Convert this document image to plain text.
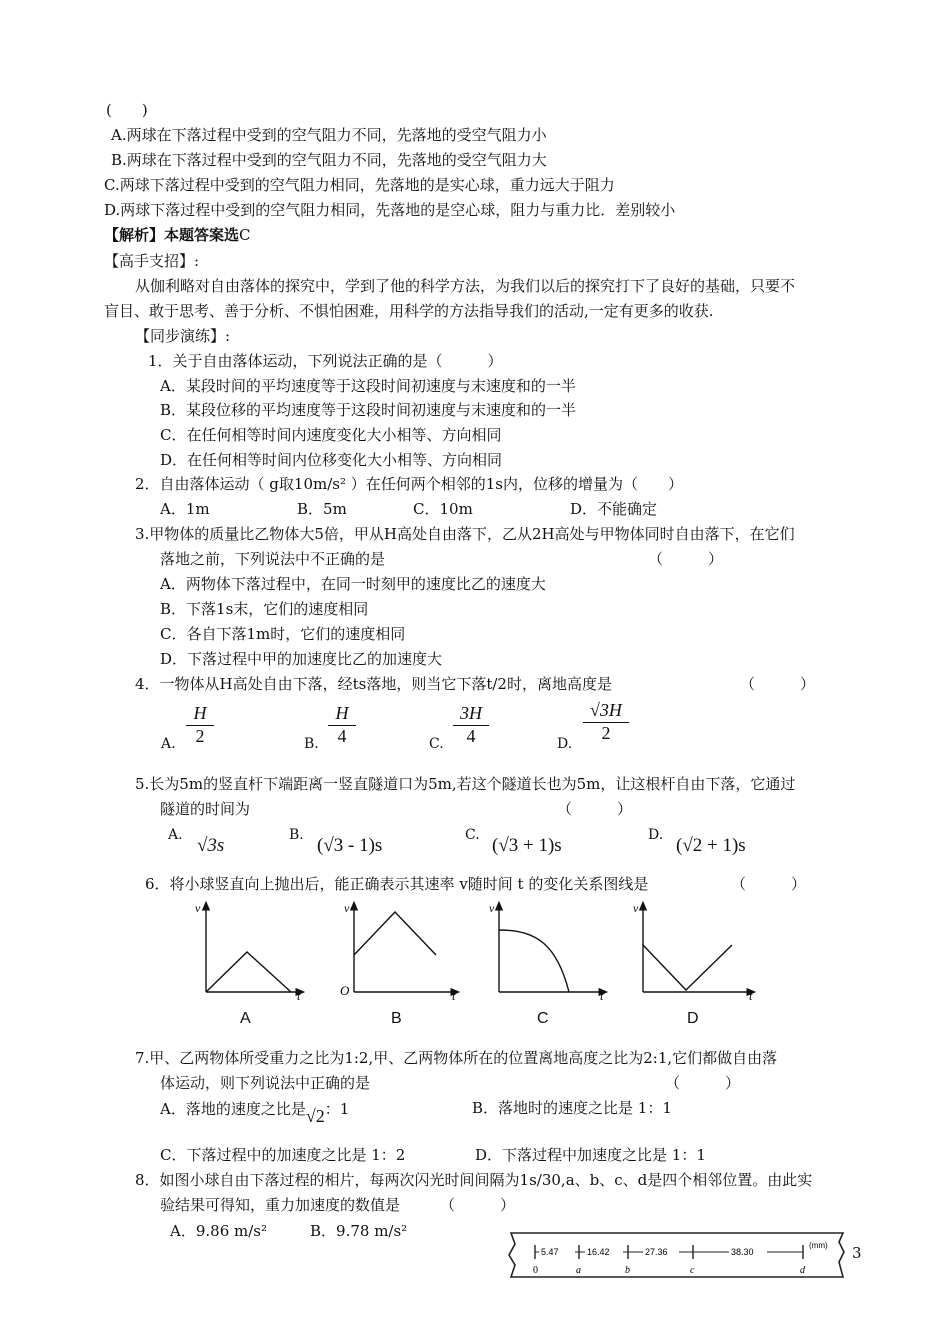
(　　)
A.两球在下落过程中受到的空气阻力不同，先落地的受空气阻力小
B.两球在下落过程中受到的空气阻力不同，先落地的受空气阻力大
C.两球下落过程中受到的空气阻力相同，先落地的是实心球，重力远大于阻力
D.两球下落过程中受到的空气阻力相同，先落地的是空心球，阻力与重力比．差别较小
【解析】本题答案选C
【高手支招】:
从伽利略对自由落体的探究中，学到了他的科学方法，为我们以后的探究打下了良好的基础，只要不
盲目、敢于思考、善于分析、不惧怕困难，用科学的方法指导我们的活动,一定有更多的收获.
【同步演练】:
1．关于自由落体运动，下列说法正确的是（　　　）
A．某段时间的平均速度等于这段时间初速度与末速度和的一半
B．某段位移的平均速度等于这段时间初速度与末速度和的一半
C．在任何相等时间内速度变化大小相等、方向相同
D．在任何相等时间内位移变化大小相等、方向相同
2．自由落体运动（ g取10m/s² ）在任何两个相邻的1s内，位移的增量为（　　）
A．1m	B．5m	C．10m	D．不能确定
3.甲物体的质量比乙物体大5倍，甲从H高处自由落下，乙从2H高处与甲物体同时自由落下，在它们
落地之前，下列说法中不正确的是	（　　　）
A．两物体下落过程中，在同一时刻甲的速度比乙的速度大
B．下落1s末，它们的速度相同
C．各自下落1m时，它们的速度相同
D．下落过程中甲的加速度比乙的加速度大
4．一物体从H高处自由下落，经ts落地，则当它下落t/2时，离地高度是	（　　　）
A. $\frac{H}{2}$	B. $\frac{H}{4}$	C. $\frac{3H}{4}$	D. $\frac{√3H}{2}$
5.长为5m的竖直杆下端距离一竖直隧道口为5m,若这个隧道长也为5m，让这根杆自由下落，它通过
隧道的时间为	（　　　）
A. √3s	B. (√3 - 1)s	C. (√3 + 1)s	D. (√2 + 1)s
6．将小球竖直向上抛出后，能正确表示其速率 v随时间 t 的变化关系图线是	（　　　）
v
t
v
t
O
v
t
v
t
A	B	C	D
7.甲、乙两物体所受重力之比为1:2,甲、乙两物体所在的位置离地高度之比为2:1,它们都做自由落
体运动，则下列说法中正确的是	（　　　）
A．落地的速度之比是√2：1	B．落地时的速度之比是 1：1
C．下落过程中的加速度之比是 1：2	D．下落过程中加速度之比是 1：1
8．如图小球自由下落过程的相片，每两次闪光时间间隔为1s/30,a、b、c、d是四个相邻位置。由此实
验结果可得知，重力加速度的数值是	（　　　）
A．9.86 m/s²	B．9.78 m/s²
5.47	16.42	27.36	38.30
(mm)
0	a	b	c	d
3
